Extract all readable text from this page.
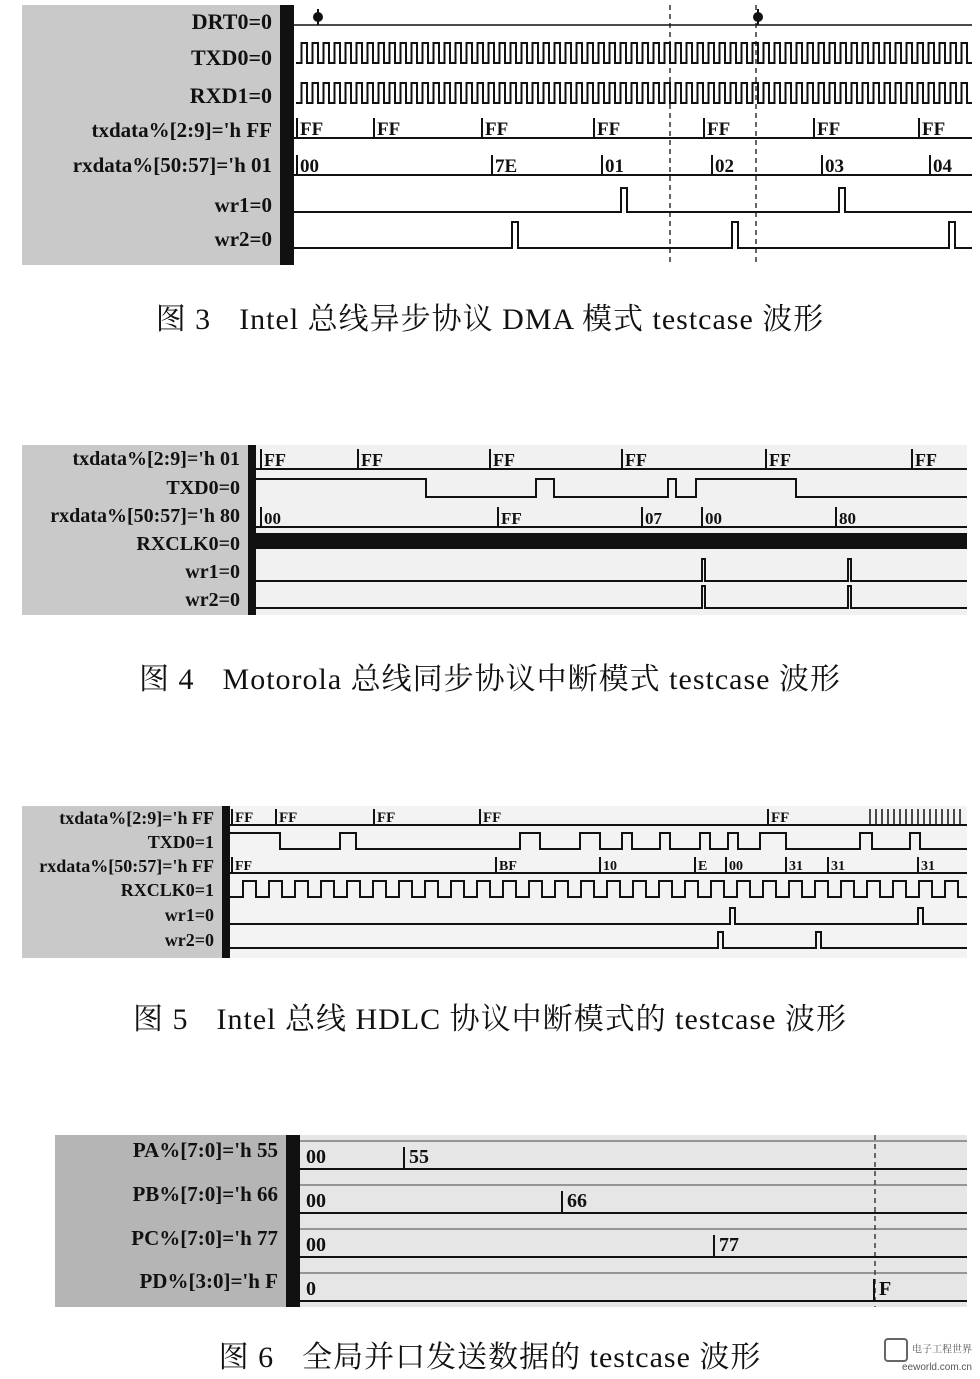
DRT0=0
TXD0=0
RXD1=0
txdata%[2:9]='h FF
rxdata%[50:57]='h 01
wr1=0
wr2=0
FF	FF	FF	FF	FF	FF	FF
00	7E	01	02	03	04
图 3 Intel 总线异步协议 DMA 模式 testcase 波形
txdata%[2:9]='h 01
TXD0=0
rxdata%[50:57]='h 80
RXCLK0=0
wr1=0
wr2=0
FF	FF	FF	FF	FF	FF
00	FF	07	00	80
图 4 Motorola 总线同步协议中断模式 testcase 波形
txdata%[2:9]='h FF
TXD0=1
rxdata%[50:57]='h FF
RXCLK0=1
wr1=0
wr2=0
FF FF	FF	FF	FF
FF	BF	10	E 00	31 31	31
图 5 Intel 总线 HDLC 协议中断模式的 testcase 波形
PA%[7:0]='h 55
PB%[7:0]='h 66
PC%[7:0]='h 77
PD%[3:0]='h F
00	55
00	66
00	77
0	F
图 6 全局并口发送数据的 testcase 波形	电子工程世界
eeworld.com.cn
